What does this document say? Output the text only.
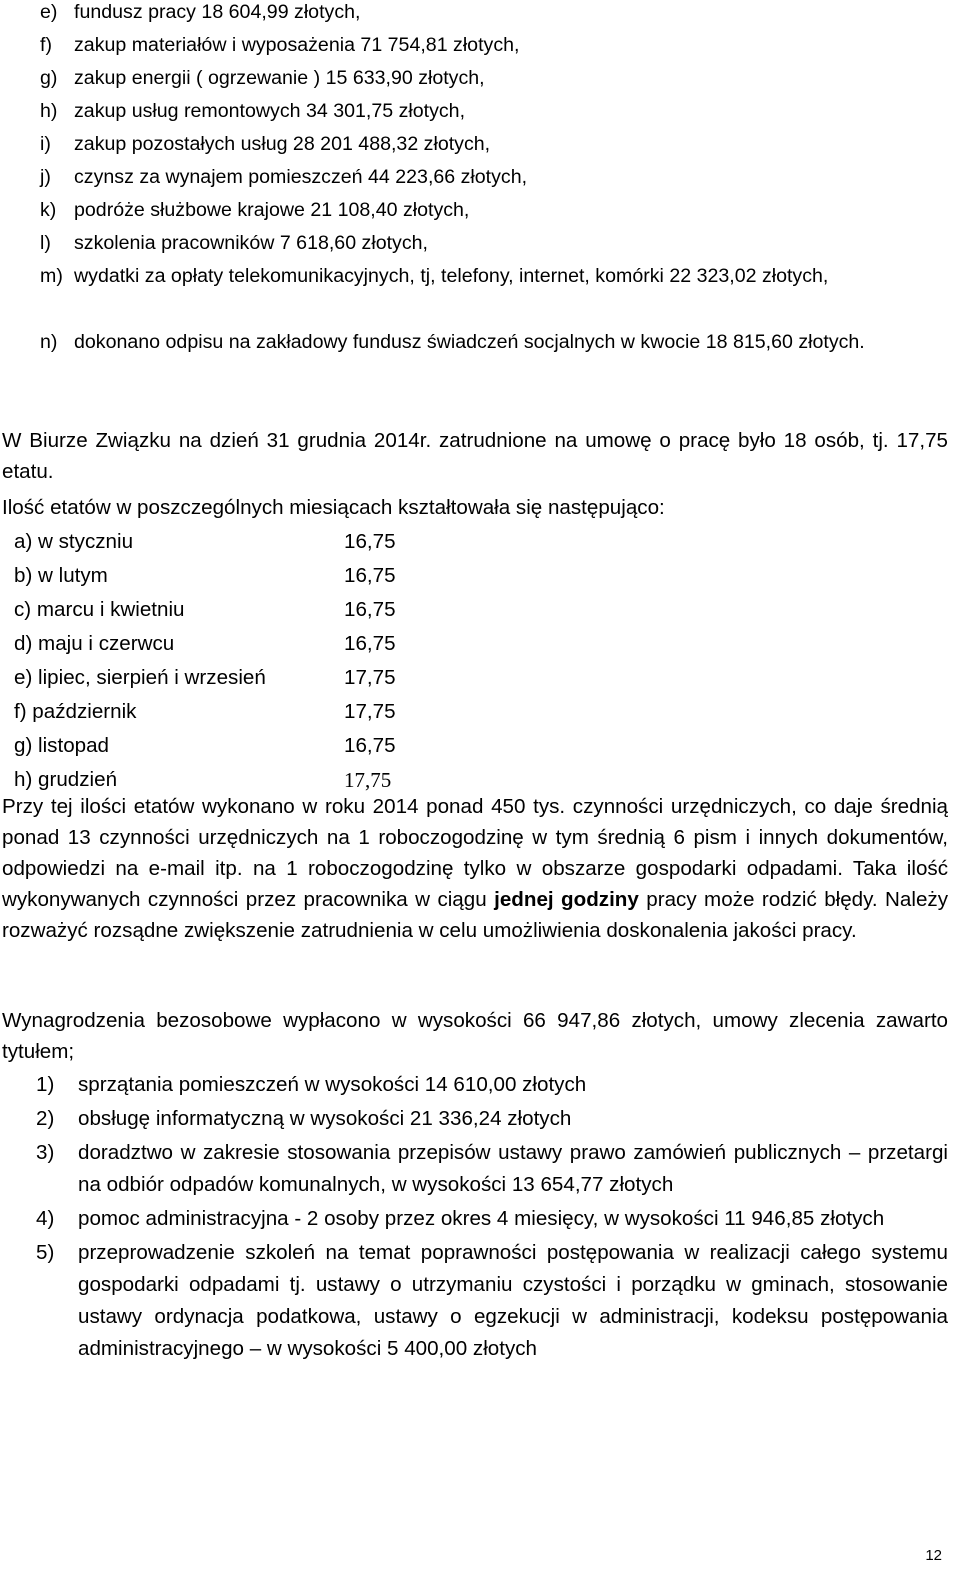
e) fundusz pracy 18 604,99 złotych,
f)	zakup materiałów i wyposażenia 71 754,81 złotych,
g) zakup energii ( ogrzewanie ) 15 633,90 złotych,
h) zakup usług remontowych 34 301,75 złotych,
i)	zakup pozostałych usług 28 201 488,32 złotych,
j)	czynsz za wynajem pomieszczeń 44 223,66 złotych,
k) podróże służbowe krajowe 21 108,40 złotych,
l)	szkolenia pracowników 7 618,60 złotych,
m) wydatki za opłaty telekomunikacyjnych, tj, telefony, internet, komórki 22 323,02 złotych,
n) dokonano odpisu na zakładowy fundusz świadczeń socjalnych w kwocie 18 815,60 złotych.
W Biurze Związku na dzień 31 grudnia 2014r. zatrudnione na umowę o pracę było 18 osób, tj. 17,75 etatu.
Ilość etatów w poszczególnych miesiącach kształtowała się następująco:
a) w styczniu	16,75
b) w lutym	16,75
c) marcu i kwietniu	16,75
d) maju i czerwcu	16,75
e) lipiec, sierpień i wrzesień	17,75
f) październik	17,75
g) listopad	16,75
h) grudzień	17,75
Przy tej ilości etatów wykonano w roku 2014 ponad 450 tys. czynności urzędniczych, co daje średnią ponad 13 czynności urzędniczych na 1 roboczogodzinę w tym średnią 6 pism i innych dokumentów, odpowiedzi na e-mail itp. na 1 roboczogodzinę tylko w obszarze gospodarki odpadami. Taka ilość wykonywanych czynności przez pracownika w ciągu jednej godziny pracy może rodzić błędy. Należy rozważyć rozsądne zwiększenie zatrudnienia w celu umożliwienia doskonalenia jakości pracy.
Wynagrodzenia bezosobowe wypłacono w wysokości 66 947,86 złotych, umowy zlecenia zawarto tytułem;
1)	sprzątania pomieszczeń w wysokości 14 610,00 złotych
2)	obsługę informatyczną w wysokości 21 336,24 złotych
3)	doradztwo w zakresie stosowania przepisów ustawy prawo zamówień publicznych – przetargi na odbiór odpadów komunalnych, w wysokości 13 654,77 złotych
4)	pomoc administracyjna - 2 osoby przez okres 4 miesięcy, w wysokości 11 946,85 złotych
5)	przeprowadzenie szkoleń na temat poprawności postępowania w realizacji całego systemu gospodarki odpadami tj. ustawy o utrzymaniu czystości i porządku w gminach, stosowanie ustawy ordynacja podatkowa, ustawy o egzekucji w administracji, kodeksu postępowania administracyjnego – w wysokości 5 400,00 złotych
12
